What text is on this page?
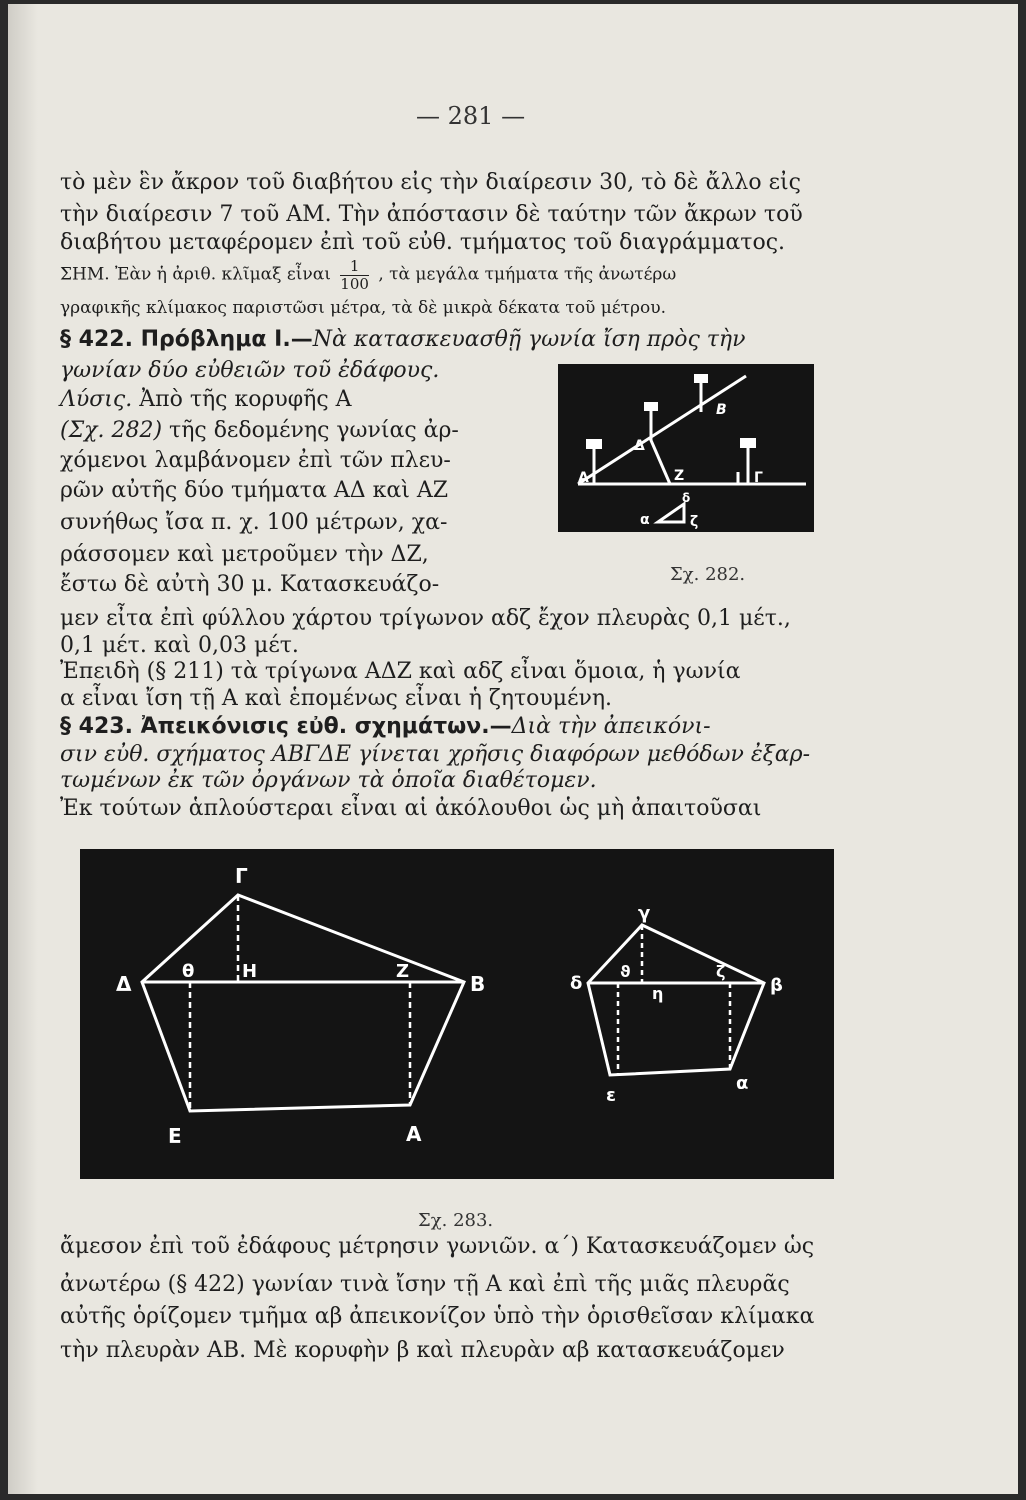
— 281 —
τὸ μὲν ἓν ἄκρον τοῦ διαβήτου εἰς τὴν διαίρεσιν 30, τὸ δὲ ἄλλο εἰς
τὴν διαίρεσιν 7 τοῦ ΑΜ. Τὴν ἀπόστασιν δὲ ταύτην τῶν ἄκρων τοῦ
διαβήτου μεταφέρομεν ἐπὶ τοῦ εὐθ. τμήματος τοῦ διαγράμματος.
ΣΗΜ. Ἐὰν ἡ ἀριθ. κλῖμαξ εἶναι $\frac{1}{100}$ , τὰ μεγάλα τμήματα τῆς ἀνωτέρω
γραφικῆς κλίμακος παριστῶσι μέτρα, τὰ δὲ μικρὰ δέκατα τοῦ μέτρου.
§ 422. Πρόβλημα Ι.—Νὰ κατασκευασθῇ γωνία ἴση πρὸς τὴν
γωνίαν δύο εὐθειῶν τοῦ ἐδάφους.
Λύσις. Ἀπὸ τῆς κορυφῆς Α
(Σχ. 282) τῆς δεδομένης γωνίας ἀρ-
χόμενοι λαμβάνομεν ἐπὶ τῶν πλευ-
ρῶν αὐτῆς δύο τμήματα ΑΔ καὶ ΑΖ
συνήθως ἴσα π. χ. 100 μέτρων, χα-
ράσσομεν καὶ μετροῦμεν τὴν ΔΖ,
ἔστω δὲ αὐτὴ 30 μ. Κατασκευάζο-
A
B
Δ
Z	Γ
α
δ
ζ
Σχ. 282.
μεν εἶτα ἐπὶ φύλλου χάρτου τρίγωνον αδζ ἔχον πλευρὰς 0,1 μέτ.,
0,1 μέτ. καὶ 0,03 μέτ.
Ἐπειδὴ (§ 211) τὰ τρίγωνα ΑΔΖ καὶ αδζ εἶναι ὅμοια, ἡ γωνία
α εἶναι ἴση τῇ Α καὶ ἑπομένως εἶναι ἡ ζητουμένη.
§ 423. Ἀπεικόνισις εὐθ. σχημάτων.—Διὰ τὴν ἀπεικόνι-
σιν εὐθ. σχήματος ΑΒΓΔΕ γίνεται χρῆσις διαφόρων μεθόδων ἐξαρ-
τωμένων ἐκ τῶν ὀργάνων τὰ ὁποῖα διαθέτομεν.
Ἐκ τούτων ἁπλούστεραι εἶναι αἱ ἀκόλουθοι ὡς μὴ ἀπαιτοῦσαι
Γ
Δ
θ	Η	Ζ
Β
Ε	Α
γ
δ
ϑ
η
ζ
β
ε
α
Σχ. 283.
ἄμεσον ἐπὶ τοῦ ἐδάφους μέτρησιν γωνιῶν. α΄) Κατασκευάζομεν ὡς
ἀνωτέρω (§ 422) γωνίαν τινὰ ἴσην τῇ Α καὶ ἐπὶ τῆς μιᾶς πλευρᾶς
αὐτῆς ὁρίζομεν τμῆμα αβ ἀπεικονίζον ὑπὸ τὴν ὁρισθεῖσαν κλίμακα
τὴν πλευρὰν ΑΒ. Μὲ κορυφὴν β καὶ πλευρὰν αβ κατασκευάζομεν
